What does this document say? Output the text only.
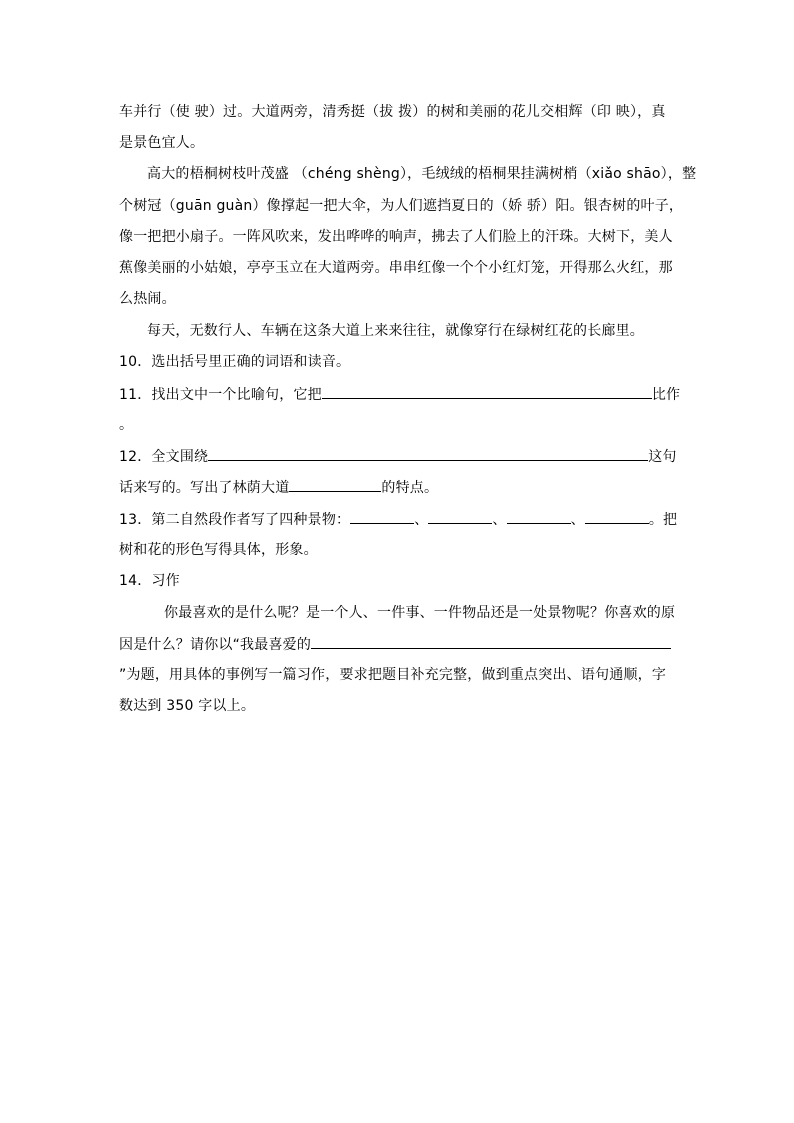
车并行（使 驶）过。大道两旁，清秀挺（拔 拨）的树和美丽的花儿交相辉（印 映），真
是景色宜人。
高大的梧桐树枝叶茂盛 （chéng shèng），毛绒绒的梧桐果挂满树梢（xiǎo shāo），整
个树冠（guān guàn）像撑起一把大伞，为人们遮挡夏日的（娇 骄）阳。银杏树的叶子，
像一把把小扇子。一阵风吹来，发出哗哗的响声，拂去了人们脸上的汗珠。大树下，美人
蕉像美丽的小姑娘，亭亭玉立在大道两旁。串串红像一个个小红灯笼，开得那么火红，那
么热闹。
每天，无数行人、车辆在这条大道上来来往往，就像穿行在绿树红花的长廊里。
10．选出括号里正确的词语和读音。
11．找出文中一个比喻句，它把	比作
。
12．全文围绕	这句
话来写的。写出了林荫大道	的特点。
13．第二自然段作者写了四种景物：	、	、	、	。把
树和花的形色写得具体，形象。
14．习作
你最喜欢的是什么呢？是一个人、一件事、一件物品还是一处景物呢？你喜欢的原
因是什么？请你以“我最喜爱的
”为题，用具体的事例写一篇习作，要求把题目补充完整，做到重点突出、语句通顺，字
数达到 350 字以上。
